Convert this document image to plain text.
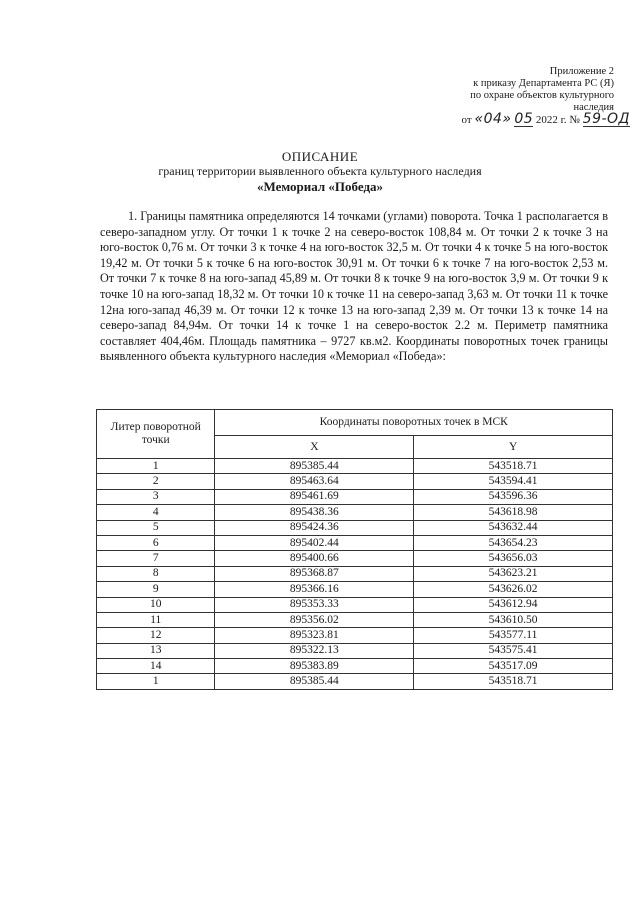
Приложение 2
к приказу Департамента РС (Я)
по охране объектов культурного
наследия
от «04» 05 2022 г. № 59-ОД
ОПИСАНИЕ
границ территории выявленного объекта культурного наследия
«Мемориал «Победа»
1. Границы памятника определяются 14 точками (углами) поворота. Точка 1 располагается в северо-западном углу. От точки 1 к точке 2 на северо-восток 108,84 м. От точки 2 к точке 3 на юго-восток 0,76 м. От точки 3 к точке 4 на юго-восток 32,5 м. От точки 4 к точке 5 на юго-восток 19,42 м. От точки 5 к точке 6 на юго-восток 30,91 м. От точки 6 к точке 7 на юго-восток 2,53 м. От точки 7 к точке 8 на юго-запад 45,89 м. От точки 8 к точке 9 на юго-восток 3,9 м. От точки 9 к точке 10 на юго-запад 18,32 м. От точки 10 к точке 11 на северо-запад 3,63 м. От точки 11 к точке 12на юго-запад 46,39 м. От точки 12 к точке 13 на юго-запад 2,39 м. От точки 13 к точке 14 на северо-запад 84,94м. От точки 14 к точке 1 на северо-восток 2.2 м. Периметр памятника составляет 404,46м. Площадь памятника – 9727 кв.м2. Координаты поворотных точек границы выявленного объекта культурного наследия «Мемориал «Победа»:
Литер поворотной точки	Координаты поворотных точек в МСК	
	X	Y
1	895385.44	543518.71
2	895463.64	543594.41
3	895461.69	543596.36
4	895438.36	543618.98
5	895424.36	543632.44
6	895402.44	543654.23
7	895400.66	543656.03
8	895368.87	543623.21
9	895366.16	543626.02
10	895353.33	543612.94
11	895356.02	543610.50
12	895323.81	543577.11
13	895322.13	543575.41
14	895383.89	543517.09
1	895385.44	543518.71
